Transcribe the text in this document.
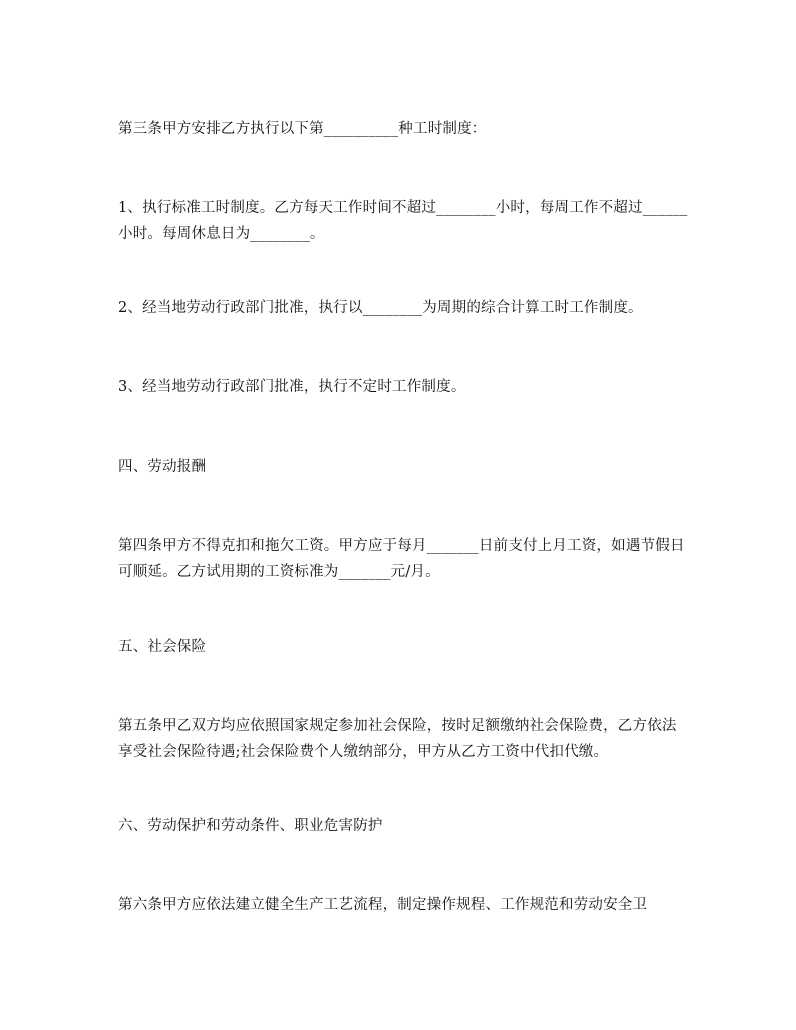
第三条甲方安排乙方执行以下第__________种工时制度：

1、执行标准工时制度。乙方每天工作时间不超过________小时，每周工作不超过______小时。每周休息日为________。

2、经当地劳动行政部门批准，执行以________为周期的综合计算工时工作制度。

3、经当地劳动行政部门批准，执行不定时工作制度。

四、劳动报酬

第四条甲方不得克扣和拖欠工资。甲方应于每月_______日前支付上月工资，如遇节假日可顺延。乙方试用期的工资标准为_______元/月。

五、社会保险

第五条甲乙双方均应依照国家规定参加社会保险，按时足额缴纳社会保险费，乙方依法享受社会保险待遇;社会保险费个人缴纳部分，甲方从乙方工资中代扣代缴。

六、劳动保护和劳动条件、职业危害防护

第六条甲方应依法建立健全生产工艺流程，制定操作规程、工作规范和劳动安全卫
